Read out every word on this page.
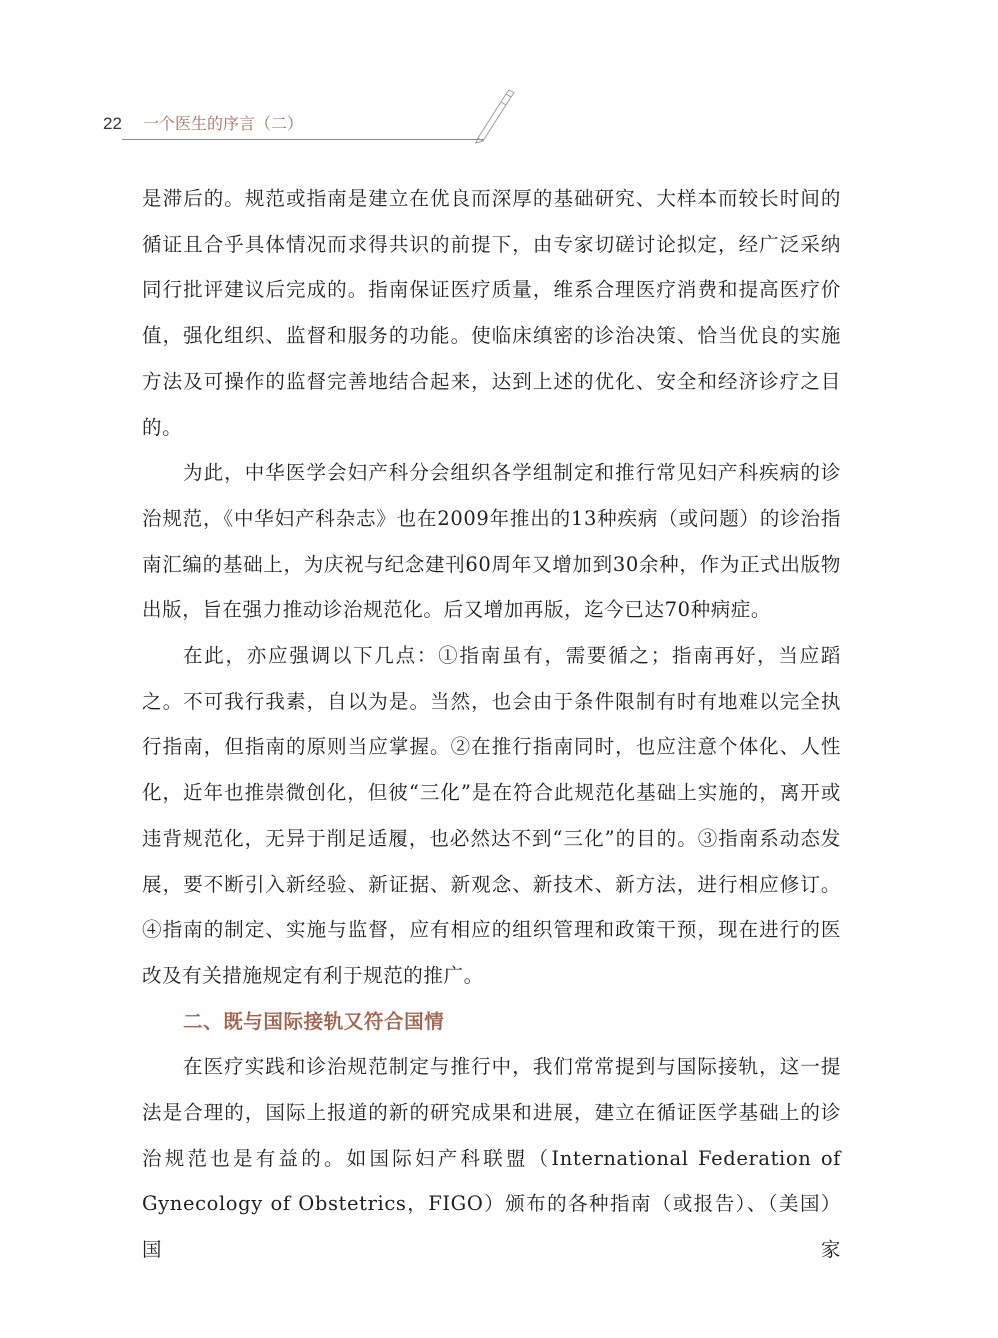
22 一个医生的序言（二）

是滞后的。规范或指南是建立在优良而深厚的基础研究、大样本而较长时间的循证且合乎具体情况而求得共识的前提下，由专家切磋讨论拟定，经广泛采纳同行批评建议后完成的。指南保证医疗质量，维系合理医疗消费和提高医疗价值，强化组织、监督和服务的功能。使临床缜密的诊治决策、恰当优良的实施方法及可操作的监督完善地结合起来，达到上述的优化、安全和经济诊疗之目的。

为此，中华医学会妇产科分会组织各学组制定和推行常见妇产科疾病的诊治规范，《中华妇产科杂志》也在2009年推出的13种疾病（或问题）的诊治指南汇编的基础上，为庆祝与纪念建刊60周年又增加到30余种，作为正式出版物出版，旨在强力推动诊治规范化。后又增加再版，迄今已达70种病症。

在此，亦应强调以下几点：①指南虽有，需要循之；指南再好，当应蹈之。不可我行我素，自以为是。当然，也会由于条件限制有时有地难以完全执行指南，但指南的原则当应掌握。②在推行指南同时，也应注意个体化、人性化，近年也推崇微创化，但彼“三化”是在符合此规范化基础上实施的，离开或违背规范化，无异于削足适履，也必然达不到“三化”的目的。③指南系动态发展，要不断引入新经验、新证据、新观念、新技术、新方法，进行相应修订。④指南的制定、实施与监督，应有相应的组织管理和政策干预，现在进行的医改及有关措施规定有利于规范的推广。

二、既与国际接轨又符合国情

在医疗实践和诊治规范制定与推行中，我们常常提到与国际接轨，这一提法是合理的，国际上报道的新的研究成果和进展，建立在循证医学基础上的诊治规范也是有益的。如国际妇产科联盟（International Federation of Gynecology of Obstetrics，FIGO）颁布的各种指南（或报告）、（美国）国家
